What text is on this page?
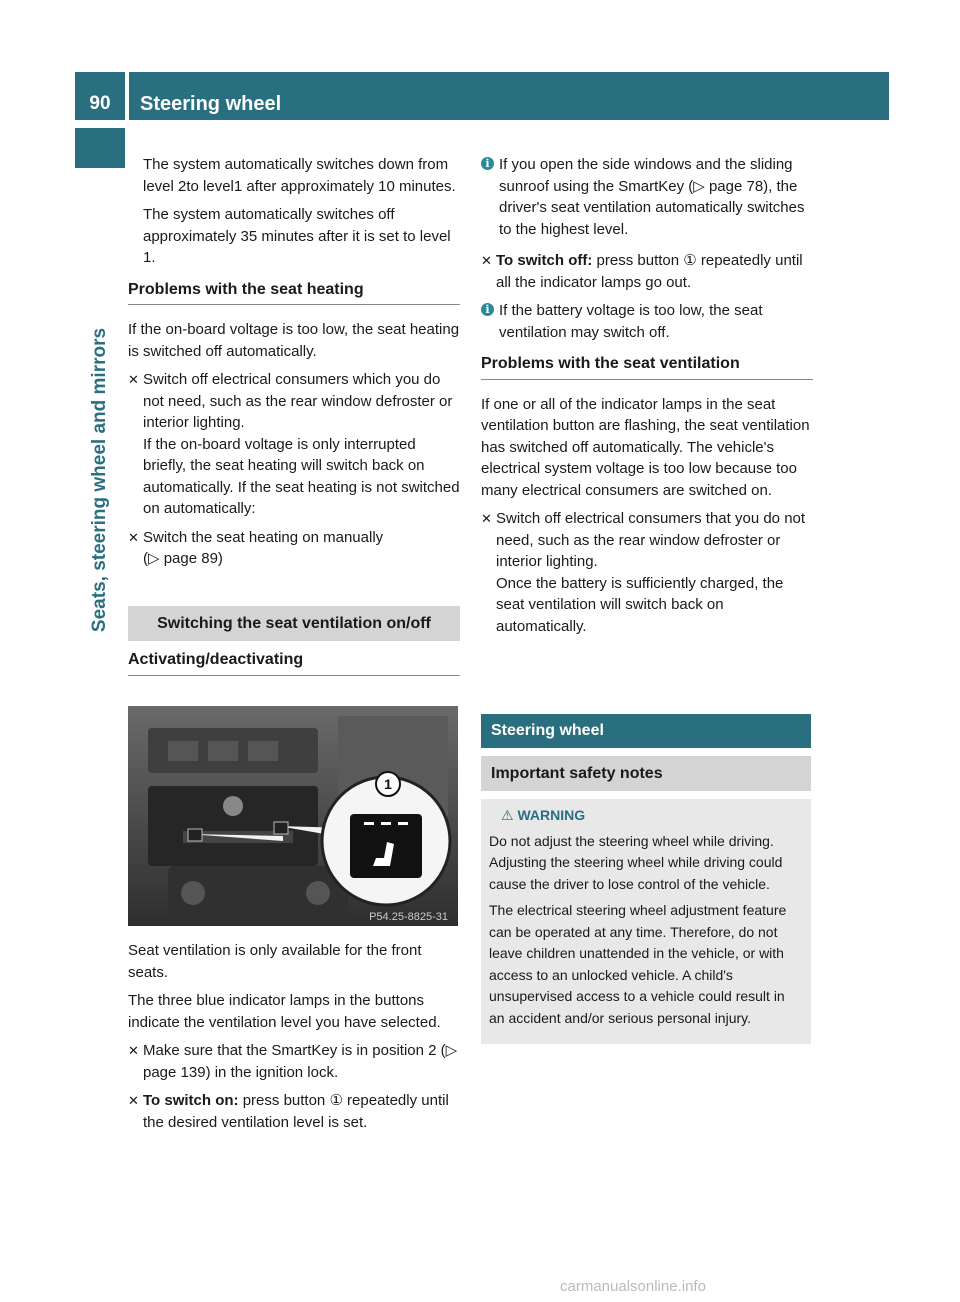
90	Steering wheel
Seats, steering wheel and mirrors

The system automatically switches down from level 2to level1 after approximately 10 minutes.

The system automatically switches off approximately 35 minutes after it is set to level 1.

Problems with the seat heating

If the on-board voltage is too low, the seat heating is switched off automatically.

✕ Switch off electrical consumers which you do not need, such as the rear window defroster or interior lighting.
If the on-board voltage is only interrupted briefly, the seat heating will switch back on automatically. If the seat heating is not switched on automatically:
✕ Switch the seat heating on manually
(▷ page 89)
Switching the seat ventilation on/off
Activating/deactivating
1
P54.25-8825-31

Seat ventilation is only available for the front seats.

The three blue indicator lamps in the buttons indicate the ventilation level you have selected.

✕ Make sure that the SmartKey is in position 2 (▷ page 139) in the ignition lock.
✕ To switch on: press button ① repeatedly until the desired ventilation level is set.
i If you open the side windows and the sliding sunroof using the SmartKey (▷ page 78), the driver's seat ventilation automatically switches to the highest level.
✕ To switch off: press button ① repeatedly until all the indicator lamps go out.
i If the battery voltage is too low, the seat ventilation may switch off.
Problems with the seat ventilation

If one or all of the indicator lamps in the seat ventilation button are flashing, the seat ventilation has switched off automatically. The vehicle's electrical system voltage is too low because too many electrical consumers are switched on.

✕ Switch off electrical consumers that you do not need, such as the rear window defroster or interior lighting.
Once the battery is sufficiently charged, the seat ventilation will switch back on automatically.
Steering wheel
Important safety notes
⚠ WARNING

Do not adjust the steering wheel while driving. Adjusting the steering wheel while driving could cause the driver to lose control of the vehicle.

The electrical steering wheel adjustment feature can be operated at any time. Therefore, do not leave children unattended in the vehicle, or with access to an unlocked vehicle. A child's unsupervised access to a vehicle could result in an accident and/or serious personal injury.

carmanualsonline.info
